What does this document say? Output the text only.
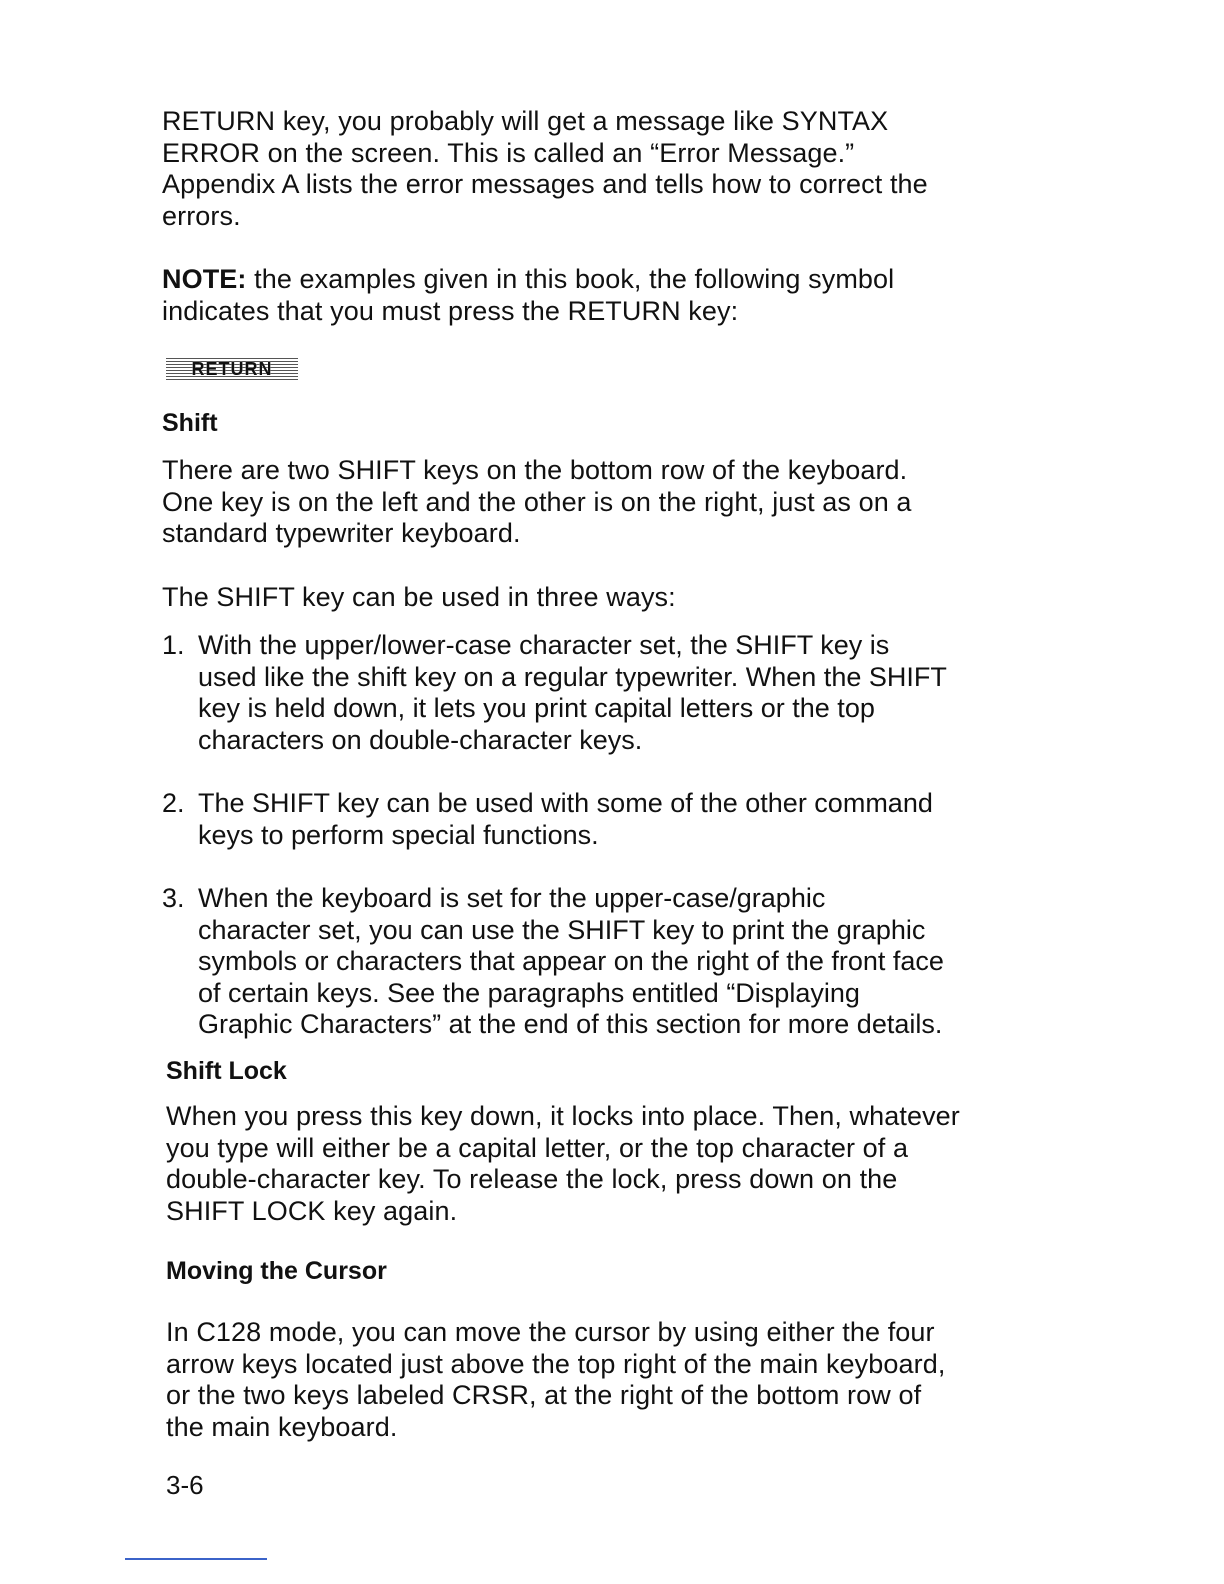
RETURN key, you probably will get a message like SYNTAX
ERROR on the screen. This is called an “Error Message.”
Appendix A lists the error messages and tells how to correct the
errors.
NOTE: the examples given in this book, the following symbol
indicates that you must press the RETURN key:
RETURN
Shift
There are two SHIFT keys on the bottom row of the keyboard.
One key is on the left and the other is on the right, just as on a
standard typewriter keyboard.
The SHIFT key can be used in three ways:
1. With the upper/lower-case character set, the SHIFT key is
used like the shift key on a regular typewriter. When the SHIFT
key is held down, it lets you print capital letters or the top
characters on double-character keys.
2. The SHIFT key can be used with some of the other command
keys to perform special functions.
3. When the keyboard is set for the upper-case/graphic
character set, you can use the SHIFT key to print the graphic
symbols or characters that appear on the right of the front face
of certain keys. See the paragraphs entitled “Displaying
Graphic Characters” at the end of this section for more details.
Shift Lock
When you press this key down, it locks into place. Then, whatever
you type will either be a capital letter, or the top character of a
double-character key. To release the lock, press down on the
SHIFT LOCK key again.
Moving the Cursor
In C128 mode, you can move the cursor by using either the four
arrow keys located just above the top right of the main keyboard,
or the two keys labeled CRSR, at the right of the bottom row of
the main keyboard.
3-6
